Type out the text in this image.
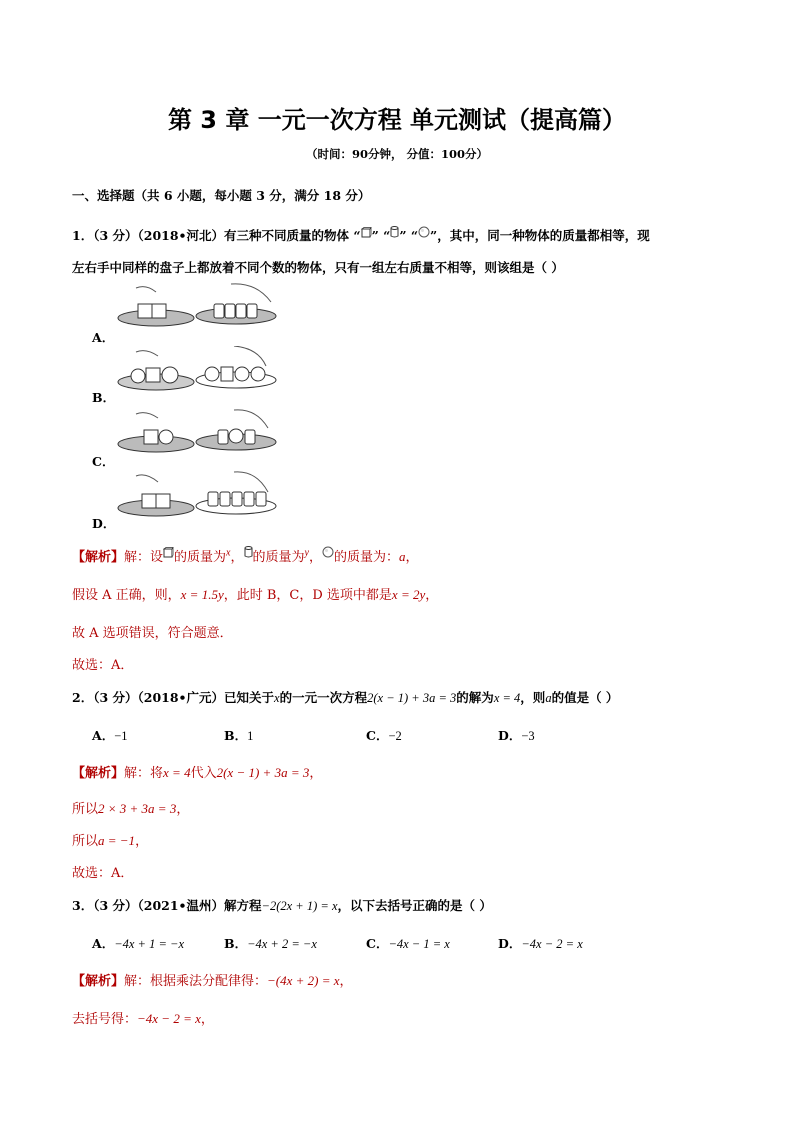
第 3 章 一元一次方程 单元测试（提高篇）
（时间：90分钟， 分值：100分）
一、选择题（共 6 小题，每小题 3 分，满分 18 分）
1．（3 分）（2018•河北）有三种不同质量的物体 “ ” “ ” “ ”，其中，同一种物体的质量都相等，现
左右手中同样的盘子上都放着不同个数的物体，只有一组左右质量不相等，则该组是（ ）
A．
B．
C．
D．
【解析】解：设 的质量为$^x$， 的质量为$^y$， 的质量为：a，
假设 A 正确，则，x = 1.5y，此时 B，C，D 选项中都是x = 2y，
故 A 选项错误，符合题意．
故选：A．
2．（3 分）（2018•广元）已知关于x的一元一次方程2(x − 1) + 3a = 3的解为x = 4，则a的值是（ ）
A．−1	B．1	C．−2	D．−3
【解析】解：将x = 4代入2(x − 1) + 3a = 3，
所以2 × 3 + 3a = 3，
所以a = −1，
故选：A．
3．（3 分）（2021•温州）解方程−2(2x + 1) = x，以下去括号正确的是（ ）
A．−4x + 1 = −x	B．−4x + 2 = −x	C．−4x − 1 = x	D．−4x − 2 = x
【解析】解：根据乘法分配律得：−(4x + 2) = x，
去括号得：−4x − 2 = x，
